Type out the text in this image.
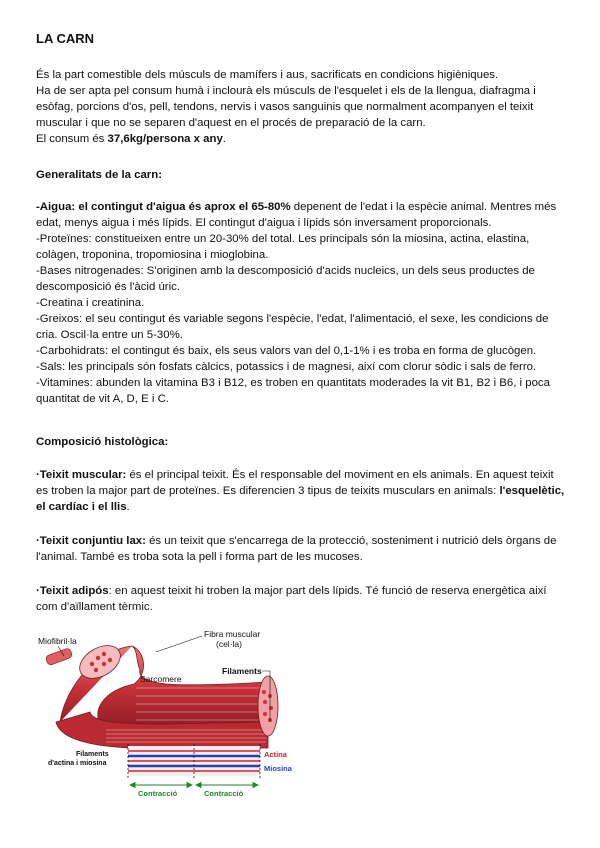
LA CARN

És la part comestible dels músculs de mamífers i aus, sacrificats en condicions higièniques.

Ha de ser apta pel consum humà i inclourà els músculs de l'esquelet i els de la llengua, diafragma i esòfag, porcions d'os, pell, tendons, nervis i vasos sanguinis que normalment acompanyen el teixit muscular i que no se separen d'aquest en el procés de preparació de la carn.

El consum és 37,6kg/persona x any.

Generalitats de la carn:

-Aigua: el contingut d'aigua és aprox el 65-80% depenent de l'edat i la espècie animal. Mentres més edat, menys aigua i més lípids. El contingut d'aigua i lípids són inversament proporcionals.

-Proteïnes: constitueixen entre un 20-30% del total. Les principals són la miosina, actina, elastina, colàgen, troponina, tropomiosina i mioglobina.

-Bases nitrogenades: S'originen amb la descomposició d'acids nucleics, un dels seus productes de descomposició és l'àcid úric.

-Creatina i creatinina.

-Greixos: el seu contingut és variable segons l'espècie, l'edat, l'alimentació, el sexe, les condicions de cria. Oscil·la entre un 5-30%.

-Carbohidrats: el contingut és baix, els seus valors van del 0,1-1% i es troba en forma de glucògen.

-Sals: les principals són fosfats càlcics, potassics i de magnesi, així com clorur sòdic i sals de ferro.

-Vitamines: abunden la vitamina B3 i B12, es troben en quantitats moderades la vit B1, B2 i B6, i poca quantitat de vit A, D, E i C.

Composició histològica:

·Teixit muscular: és el principal teixit. És el responsable del moviment en els animals. En aquest teixit es troben la major part de proteïnes. Es diferencien 3 tipus de teixits musculars en animals: l'esquelètic, el cardíac i el llis.

·Teixit conjuntiu lax: és un teixit que s'encarrega de la protecció, sosteniment i nutrició dels òrgans de l'animal. També es troba sota la pell i forma part de les mucoses.

·Teixit adipós: en aquest teixit hi troben la major part dels lípids. Té funció de reserva energètica així com d'aïllament tèrmic.

Miofibril·la
Fibra muscular
(cel·la)
Filaments
Sarcomere
Filaments
d'actina i miosina
Actina
Miosina
Contracció	Contracció
